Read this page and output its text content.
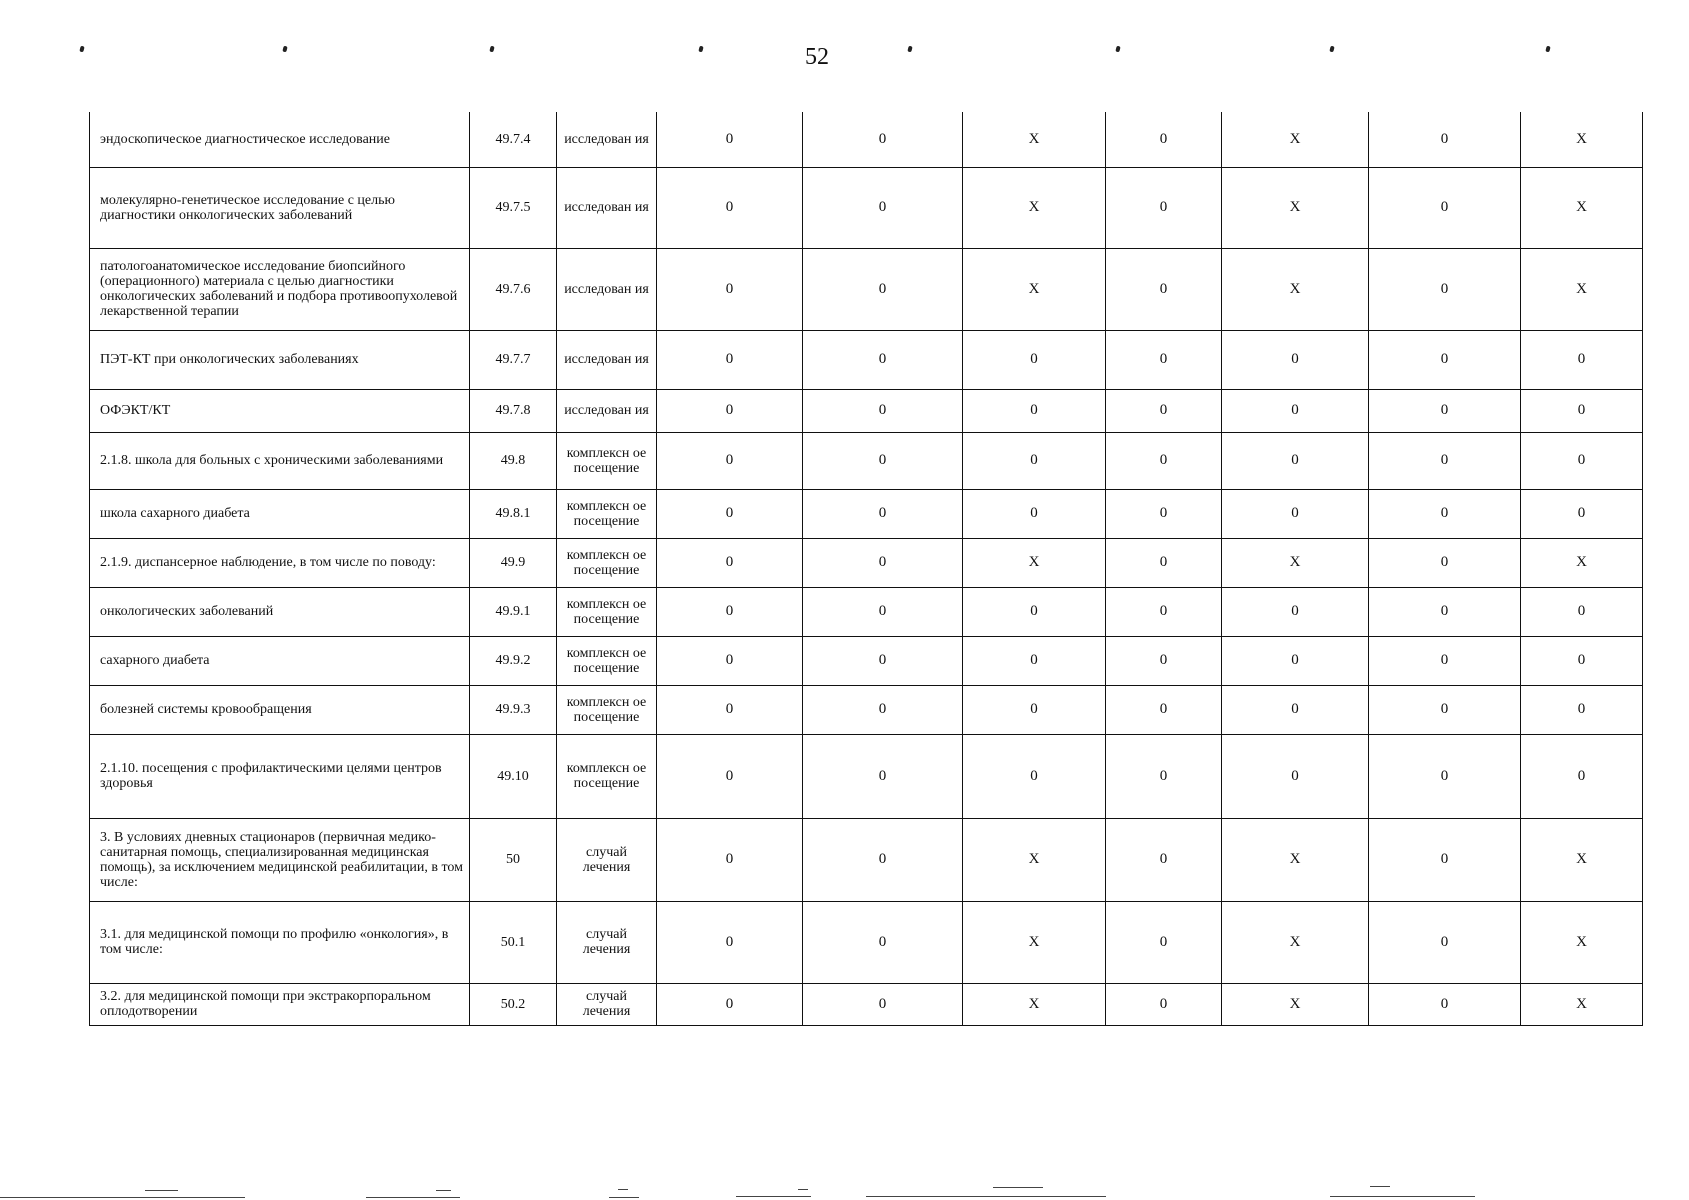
52
эндоскопическое диагностическое исследование	49.7.4	исследован ия	0	0	X	0	X	0	X
молекулярно-генетическое исследование с целью диагностики онкологических заболеваний	49.7.5	исследован ия	0	0	X	0	X	0	X
патологоанатомическое исследование биопсийного (операционного) материала с целью диагностики онкологических заболеваний и подбора противоопухолевой лекарственной терапии	49.7.6	исследован ия	0	0	X	0	X	0	X
ПЭТ-КТ при онкологических заболеваниях	49.7.7	исследован ия	0	0	0	0	0	0	0
ОФЭКТ/КТ	49.7.8	исследован ия	0	0	0	0	0	0	0
2.1.8. школа для больных с хроническими заболеваниями	49.8	комплексн ое посещение	0	0	0	0	0	0	0
школа сахарного диабета	49.8.1	комплексн ое посещение	0	0	0	0	0	0	0
2.1.9. диспансерное наблюдение, в том числе по поводу:	49.9	комплексн ое посещение	0	0	X	0	X	0	X
онкологических заболеваний	49.9.1	комплексн ое посещение	0	0	0	0	0	0	0
сахарного диабета	49.9.2	комплексн ое посещение	0	0	0	0	0	0	0
болезней системы кровообращения	49.9.3	комплексн ое посещение	0	0	0	0	0	0	0
2.1.10. посещения с профилактическими целями центров здоровья	49.10	комплексн ое посещение	0	0	0	0	0	0	0
3. В условиях дневных стационаров (первичная медико-санитарная помощь, специализированная медицинская помощь), за исключением медицинской реабилитации, в том числе:	50	случай лечения	0	0	X	0	X	0	X
3.1. для медицинской помощи по профилю «онкология», в том числе:	50.1	случай лечения	0	0	X	0	X	0	X
3.2. для медицинской помощи при экстракорпоральном оплодотворении	50.2	случай лечения	0	0	X	0	X	0	X
